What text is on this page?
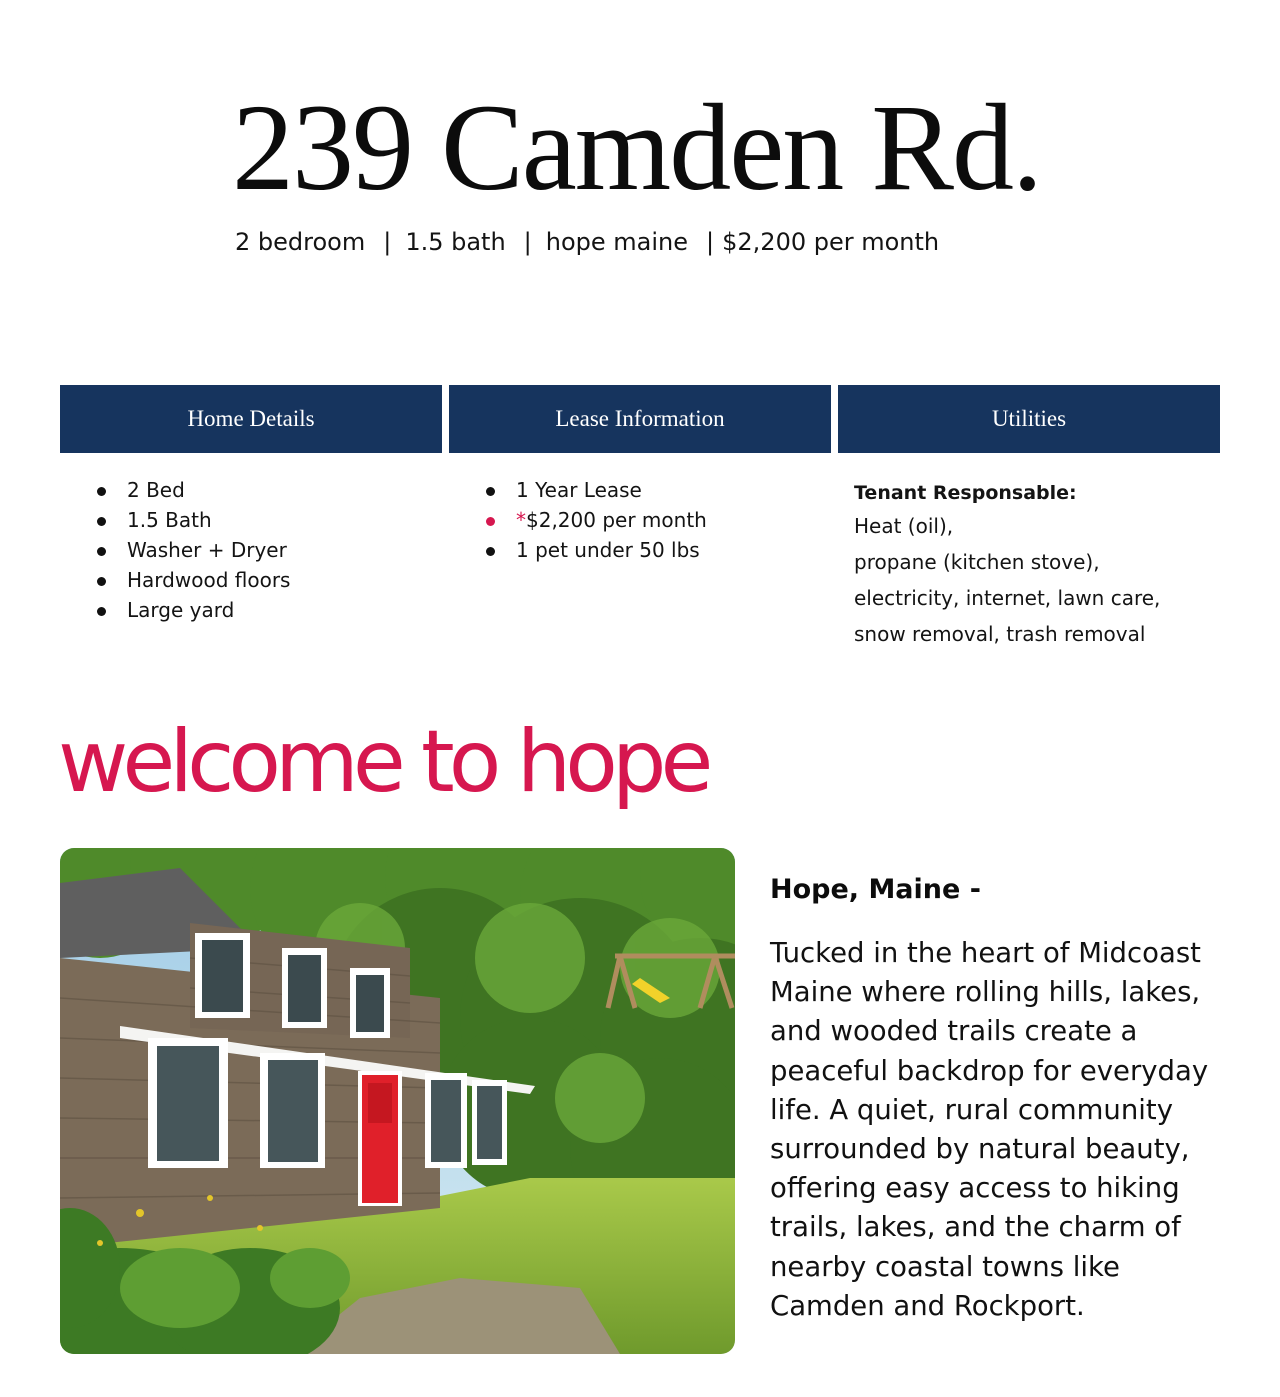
239 Camden Rd.
2 bedroom | 1.5 bath | hope maine | $2,200 per month
Home Details	Lease Information	Utilities
2 Bed
1.5 Bath
Washer + Dryer
Hardwood floors
Large yard
1 Year Lease
*$2,200 per month
1 pet under 50 lbs
Tenant Responsable:
Heat (oil),
propane (kitchen stove),
electricity, internet, lawn care,
snow removal, trash removal
welcome to hope
Hope, Maine -

Tucked in the heart of Midcoast Maine where rolling hills, lakes, and wooded trails create a peaceful backdrop for everyday life. A quiet, rural community surrounded by natural beauty, offering easy access to hiking trails, lakes, and the charm of nearby coastal towns like Camden and Rockport.
